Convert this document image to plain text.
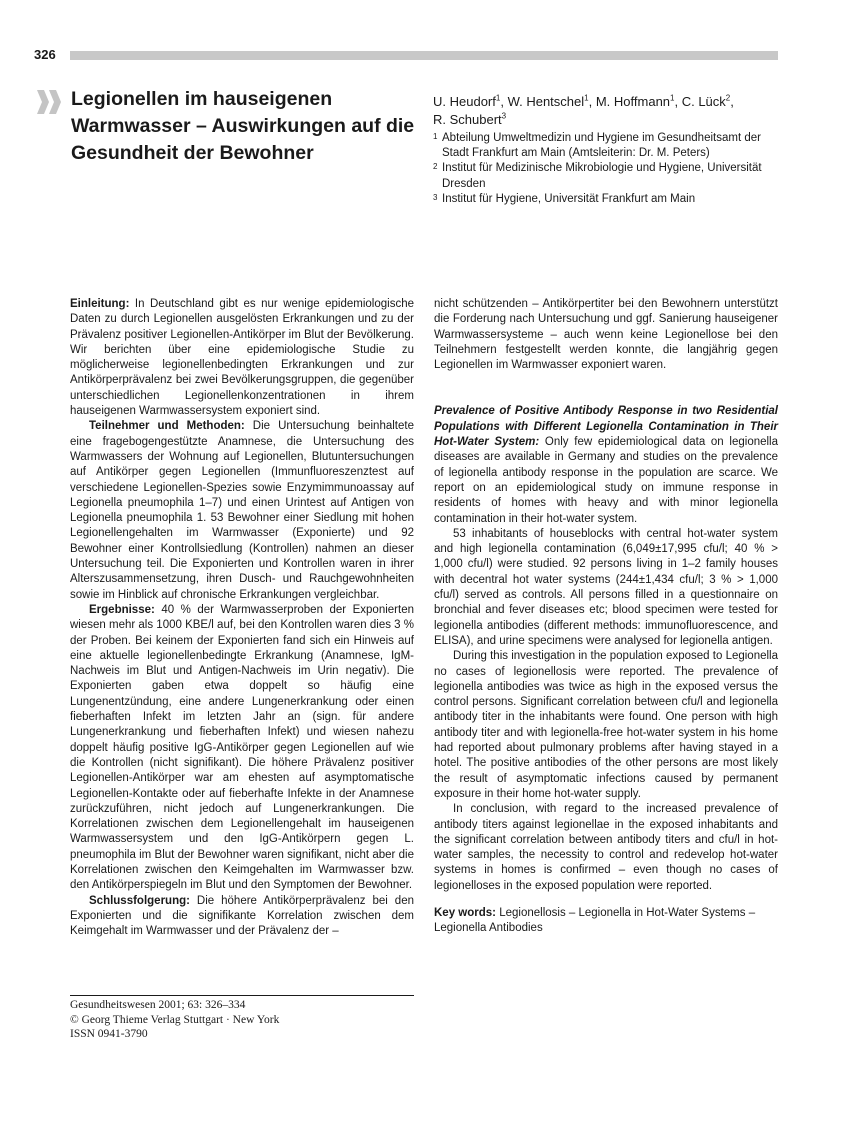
326
Legionellen im hauseigenen Warmwasser – Auswirkungen auf die Gesundheit der Bewohner
U. Heudorf$^1$, W. Hentschel$^1$, M. Hoffmann$^1$, C. Lück$^2$,
R. Schubert$^3$
1 Abteilung Umweltmedizin und Hygiene im Gesundheitsamt der Stadt Frankfurt am Main (Amtsleiterin: Dr. M. Peters)
2 Institut für Medizinische Mikrobiologie und Hygiene, Universität Dresden
3 Institut für Hygiene, Universität Frankfurt am Main

Einleitung: In Deutschland gibt es nur wenige epidemiologische Daten zu durch Legionellen ausgelösten Erkrankungen und zu der Prävalenz positiver Legionellen-Antikörper im Blut der Bevölkerung. Wir berichten über eine epidemiologische Studie zu möglicherweise legionellenbedingten Erkrankungen und zur Antikörperprävalenz bei zwei Bevölkerungsgruppen, die gegenüber unterschiedlichen Legionellenkonzentrationen in ihrem hauseigenen Warmwassersystem exponiert sind.

Teilnehmer und Methoden: Die Untersuchung beinhaltete eine fragebogengestützte Anamnese, die Untersuchung des Warmwassers der Wohnung auf Legionellen, Blutuntersuchungen auf Antikörper gegen Legionellen (Immunfluoreszenztest auf verschiedene Legionellen-Spezies sowie Enzymimmunoassay auf Legionella pneumophila 1–7) und einen Urintest auf Antigen von Legionella pneumophila 1. 53 Bewohner einer Siedlung mit hohen Legionellengehalten im Warmwasser (Exponierte) und 92 Bewohner einer Kontrollsiedlung (Kontrollen) nahmen an dieser Untersuchung teil. Die Exponierten und Kontrollen waren in ihrer Alterszusammensetzung, ihren Dusch- und Rauchgewohnheiten sowie im Hinblick auf chronische Erkrankungen vergleichbar.

Ergebnisse: 40 % der Warmwasserproben der Exponierten wiesen mehr als 1000 KBE/l auf, bei den Kontrollen waren dies 3 % der Proben. Bei keinem der Exponierten fand sich ein Hinweis auf eine aktuelle legionellenbedingte Erkrankung (Anamnese, IgM-Nachweis im Blut und Antigen-Nachweis im Urin negativ). Die Exponierten gaben etwa doppelt so häufig eine Lungenentzündung, eine andere Lungenerkrankung oder einen fieberhaften Infekt im letzten Jahr an (sign. für andere Lungenerkrankung und fieberhaften Infekt) und wiesen nahezu doppelt häufig positive IgG-Antikörper gegen Legionellen auf wie die Kontrollen (nicht signifikant). Die höhere Prävalenz positiver Legionellen-Antikörper war am ehesten auf asymptomatische Legionellen-Kontakte oder auf fieberhafte Infekte in der Anamnese zurückzuführen, nicht jedoch auf Lungenerkrankungen. Die Korrelationen zwischen dem Legionellengehalt im hauseigenen Warmwassersystem und den IgG-Antikörpern gegen L. pneumophila im Blut der Bewohner waren signifikant, nicht aber die Korrelationen zwischen den Keimgehalten im Warmwasser bzw. den Antikörperspiegeln im Blut und den Symptomen der Bewohner.

Schlussfolgerung: Die höhere Antikörperprävalenz bei den Exponierten und die signifikante Korrelation zwischen dem Keimgehalt im Warmwasser und der Prävalenz der –

nicht schützenden – Antikörpertiter bei den Bewohnern unterstützt die Forderung nach Untersuchung und ggf. Sanierung hauseigener Warmwassersysteme – auch wenn keine Legionellose bei den Teilnehmern festgestellt werden konnte, die langjährig gegen Legionellen im Warmwasser exponiert waren.

Prevalence of Positive Antibody Response in two Residential Populations with Different Legionella Contamination in Their Hot-Water System: Only few epidemiological data on legionella diseases are available in Germany and studies on the prevalence of legionella antibody response in the population are scarce. We report on an epidemiological study on immune response in residents of homes with heavy and with minor legionella contamination in their hot-water system.

53 inhabitants of houseblocks with central hot-water system and high legionella contamination (6,049±17,995 cfu/l; 40 % > 1,000 cfu/l) were studied. 92 persons living in 1–2 family houses with decentral hot water systems (244±1,434 cfu/l; 3 % > 1,000 cfu/l) served as controls. All persons filled in a questionnaire on bronchial and fever diseases etc; blood specimen were tested for legionella antibodies (different methods: immunofluorescence, and ELISA), and urine specimens were analysed for legionella antigen.

During this investigation in the population exposed to Legionella no cases of legionellosis were reported. The prevalence of legionella antibodies was twice as high in the exposed versus the control persons. Significant correlation between cfu/l and legionella antibody titer in the inhabitants were found. One person with high antibody titer and with legionella-free hot-water system in his home had reported about pulmonary problems after having stayed in a hotel. The positive antibodies of the other persons are most likely the result of asymptomatic infections caused by permanent exposure in their home hot-water supply.

In conclusion, with regard to the increased prevalence of antibody titers against legionellae in the exposed inhabitants and the significant correlation between antibody titers and cfu/l in hot-water samples, the necessity to control and redevelop hot-water systems in homes is confirmed – even though no cases of legionelloses in the exposed population were reported.

Key words: Legionellosis – Legionella in Hot-Water Systems – Legionella Antibodies

Gesundheitswesen 2001; 63: 326–334
© Georg Thieme Verlag Stuttgart · New York
ISSN 0941-3790
